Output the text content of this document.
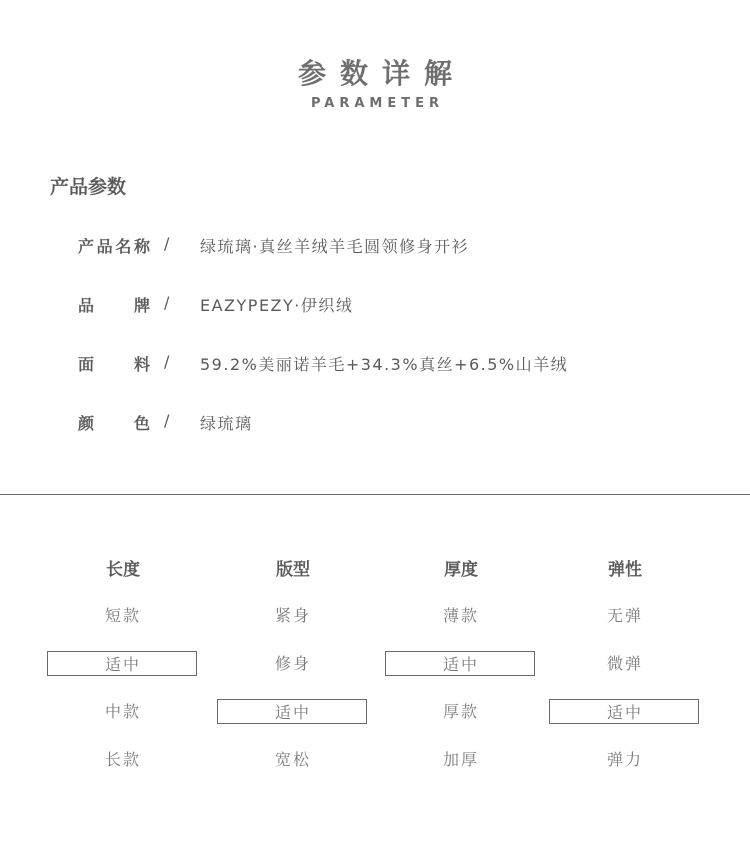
参数详解
PARAMETER
产品参数
产 品 名 称 / 绿琉璃·真丝羊绒羊毛圆领修身开衫
品 牌 / EAZYPEZY·伊织绒
面 料 / 59.2%美丽诺羊毛+34.3%真丝+6.5%山羊绒
颜 色 / 绿琉璃
长度
短款
适中
中款
长款
版型
紧身
修身
适中
宽松
厚度
薄款
适中
厚款
加厚
弹性
无弹
微弹
适中
弹力
